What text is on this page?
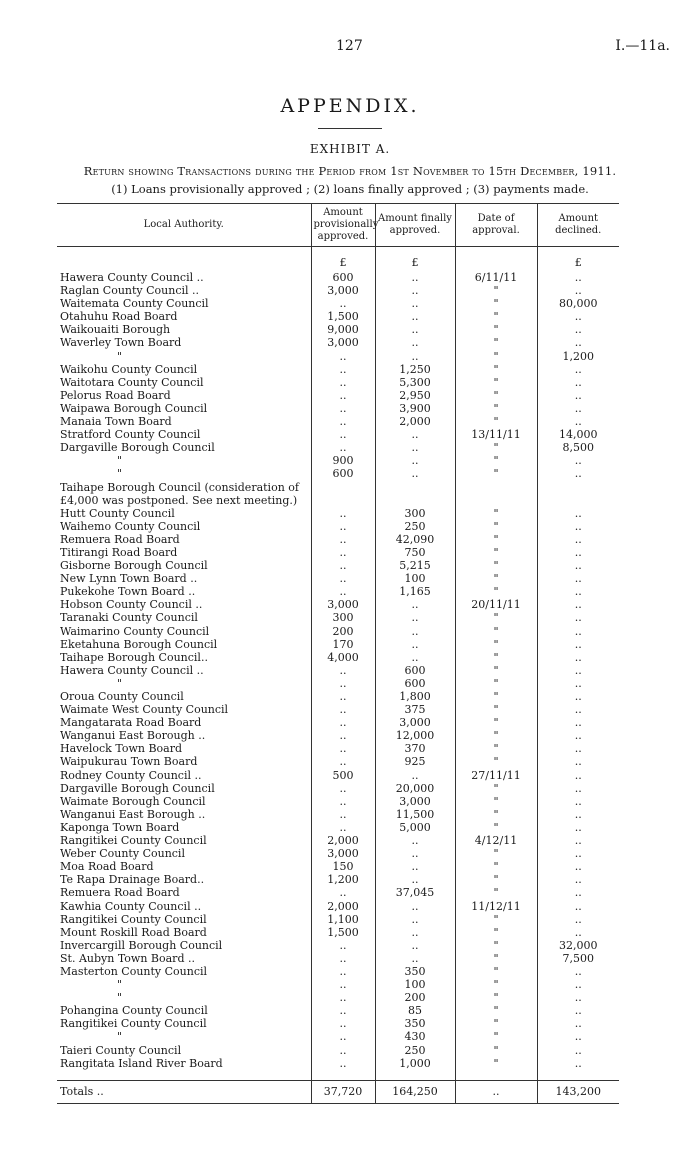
127	I.—11a.
APPENDIX.
EXHIBIT A.
Return showing Transactions during the Period from 1st November to 15th December, 1911.
(1) Loans provisionally approved ; (2) loans finally approved ; (3) payments made.
Local Authority.	Amount provisionally approved.	Amount finally approved.	Date of approval.	Amount declined.
	£	£		£
Hawera County Council ..	600	..	6/11/11	..
Raglan County Council ..	3,000	..	"	..
Waitemata County Council	..	..	"	80,000
Otahuhu Road Board	1,500	..	"	..
Waikouaiti Borough	9,000	..	"	..
Waverley Town Board	3,000	..	"	..
"	..	..	"	1,200
Waikohu County Council	..	1,250	"	..
Waitotara County Council	..	5,300	"	..
Pelorus Road Board	..	2,950	"	..
Waipawa Borough Council	..	3,900	"	..
Manaia Town Board	..	2,000	"	..
Stratford County Council	..	..	13/11/11	14,000
Dargaville Borough Council	..	..	"	8,500
"	900	..	"	..
"	600	..	"	..
Taihape Borough Council (consideration of				
£4,000 was postponed. See next meeting.)				
Hutt County Council	..	300	"	..
Waihemo County Council	..	250	"	..
Remuera Road Board	..	42,090	"	..
Titirangi Road Board	..	750	"	..
Gisborne Borough Council	..	5,215	"	..
New Lynn Town Board ..	..	100	"	..
Pukekohe Town Board ..	..	1,165	"	..
Hobson County Council ..	3,000	..	20/11/11	..
Taranaki County Council	300	..	"	..
Waimarino County Council	200	..	"	..
Eketahuna Borough Council	170	..	"	..
Taihape Borough Council..	4,000	..	"	..
Hawera County Council ..	..	600	"	..
"	..	600	"	..
Oroua County Council	..	1,800	"	..
Waimate West County Council	..	375	"	..
Mangatarata Road Board	..	3,000	"	..
Wanganui East Borough ..	..	12,000	"	..
Havelock Town Board	..	370	"	..
Waipukurau Town Board	..	925	"	..
Rodney County Council ..	500	..	27/11/11	..
Dargaville Borough Council	..	20,000	"	..
Waimate Borough Council	..	3,000	"	..
Wanganui East Borough ..	..	11,500	"	..
Kaponga Town Board	..	5,000	"	..
Rangitikei County Council	2,000	..	4/12/11	..
Weber County Council	3,000	..	"	..
Moa Road Board	150	..	"	..
Te Rapa Drainage Board..	1,200	..	"	..
Remuera Road Board	..	37,045	"	..
Kawhia County Council ..	2,000	..	11/12/11	..
Rangitikei County Council	1,100	..	"	..
Mount Roskill Road Board	1,500	..	"	..
Invercargill Borough Council	..	..	"	32,000
St. Aubyn Town Board ..	..	..	"	7,500
Masterton County Council	..	350	"	..
"	..	100	"	..
"	..	200	"	..
Pohangina County Council	..	85	"	..
Rangitikei County Council	..	350	"	..
"	..	430	"	..
Taieri County Council	..	250	"	..
Rangitata Island River Board	..	1,000	"	..

Totals ..	37,720	164,250	..	143,200
